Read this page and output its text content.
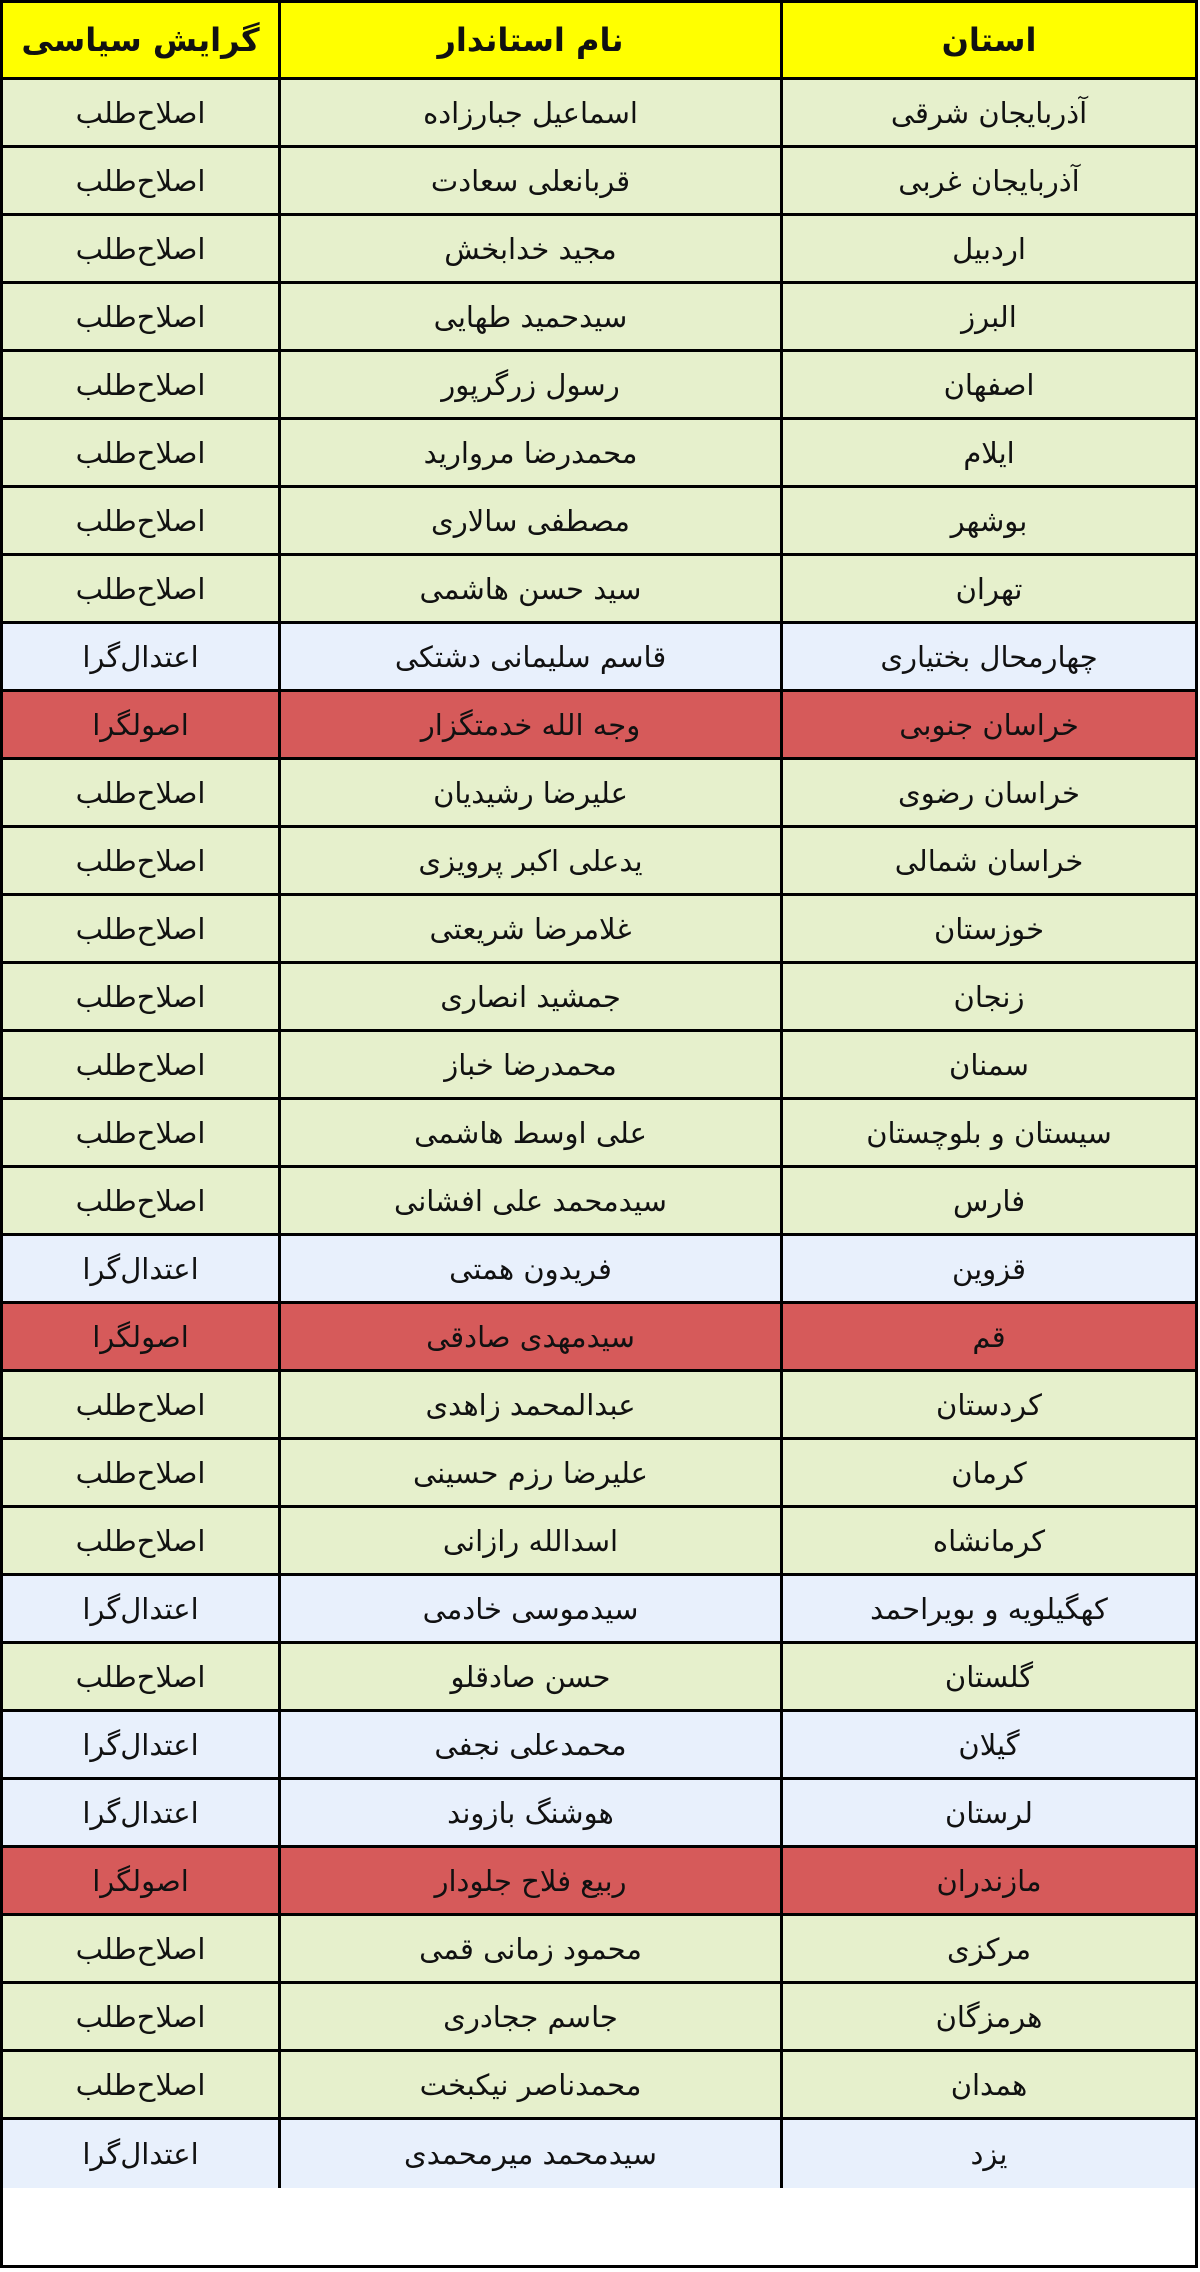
استان
نام استاندار
گرایش سیاسی
آذربایجان شرقی
اسماعیل جبارزاده
اصلاح‌طلب
آذربایجان غربی
قربانعلی سعادت
اصلاح‌طلب
اردبیل
مجید خدابخش
اصلاح‌طلب
البرز
سیدحمید طهایی
اصلاح‌طلب
اصفهان
رسول زرگرپور
اصلاح‌طلب
ایلام
محمدرضا مروارید
اصلاح‌طلب
بوشهر
مصطفی سالاری
اصلاح‌طلب
تهران
سید حسن هاشمی
اصلاح‌طلب
چهارمحال بختیاری
قاسم سلیمانی دشتکی
اعتدال‌گرا
خراسان جنوبی
وجه الله خدمتگزار
اصولگرا
خراسان رضوی
علیرضا رشیدیان
اصلاح‌طلب
خراسان شمالی
یدعلی اکبر پرویزی
اصلاح‌طلب
خوزستان
غلامرضا شریعتی
اصلاح‌طلب
زنجان
جمشید انصاری
اصلاح‌طلب
سمنان
محمدرضا خباز
اصلاح‌طلب
سیستان و بلوچستان
علی اوسط هاشمی
اصلاح‌طلب
فارس
سیدمحمد علی افشانی
اصلاح‌طلب
قزوین
فریدون همتی
اعتدال‌گرا
قم
سیدمهدی صادقی
اصولگرا
کردستان
عبدالمحمد زاهدی
اصلاح‌طلب
کرمان
علیرضا رزم حسینی
اصلاح‌طلب
کرمانشاه
اسدالله رازانی
اصلاح‌طلب
کهگیلویه و بویراحمد
سیدموسی خادمی
اعتدال‌گرا
گلستان
حسن صادقلو
اصلاح‌طلب
گیلان
محمدعلی نجفی
اعتدال‌گرا
لرستان
هوشنگ بازوند
اعتدال‌گرا
مازندران
ربیع فلاح جلودار
اصولگرا
مرکزی
محمود زمانی قمی
اصلاح‌طلب
هرمزگان
جاسم ججادری
اصلاح‌طلب
همدان
محمدناصر نیکبخت
اصلاح‌طلب
یزد
سیدمحمد میرمحمدی
اعتدال‌گرا
